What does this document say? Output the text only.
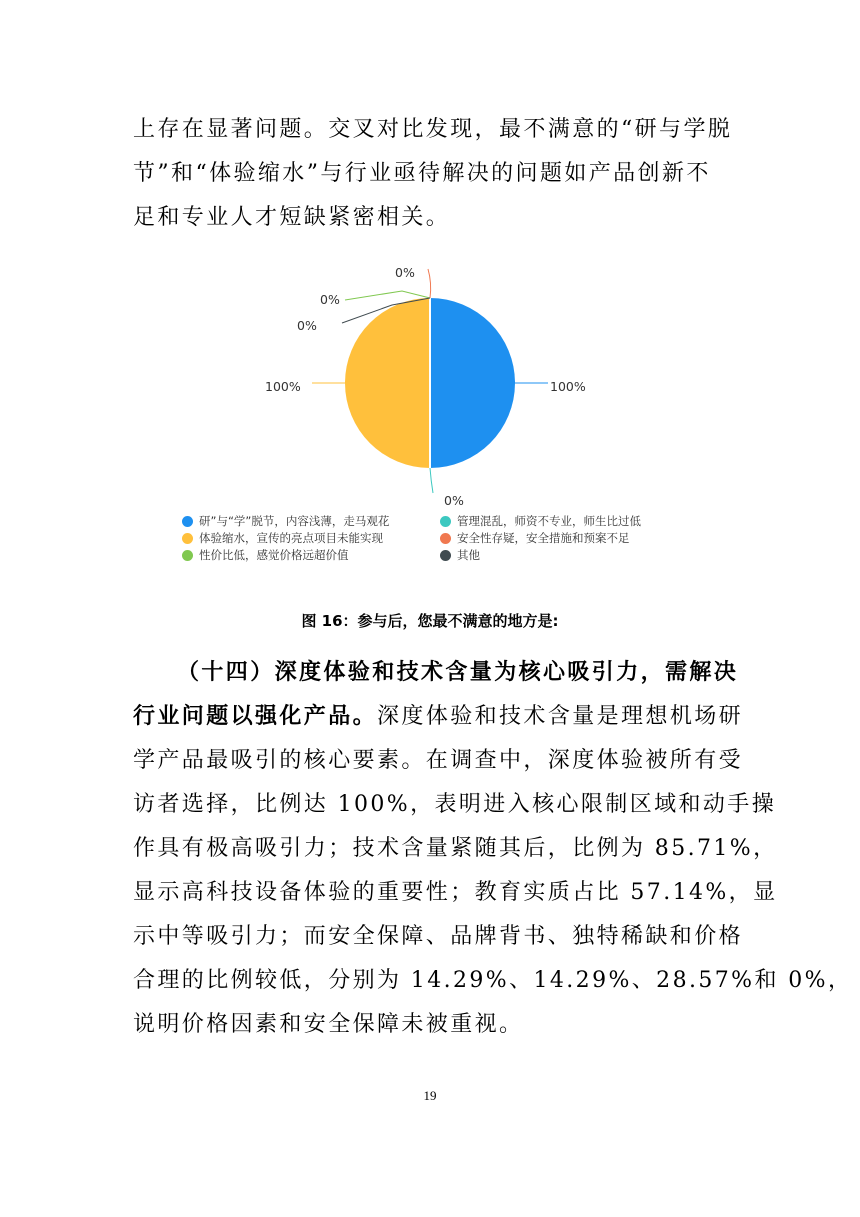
上存在显著问题。交叉对比发现，最不满意的“研与学脱
节”和“体验缩水”与行业亟待解决的问题如产品创新不
足和专业人才短缺紧密相关。

100%
100%
0%
0%
0%
0%
研”与“学”脱节，内容浅薄，走马观花	管理混乱，师资不专业，师生比过低
体验缩水，宣传的亮点项目未能实现	安全性存疑，安全措施和预案不足
性价比低，感觉价格远超价值	其他
图 16：参与后，您最不满意的地方是:

（十四）深度体验和技术含量为核心吸引力，需解决
行业问题以强化产品。深度体验和技术含量是理想机场研
学产品最吸引的核心要素。在调查中，深度体验被所有受
访者选择，比例达 100%，表明进入核心限制区域和动手操
作具有极高吸引力；技术含量紧随其后，比例为 85.71%，
显示高科技设备体验的重要性；教育实质占比 57.14%，显
示中等吸引力；而安全保障、品牌背书、独特稀缺和价格
合理的比例较低，分别为 14.29%、14.29%、28.57%和 0%，
说明价格因素和安全保障未被重视。

19
